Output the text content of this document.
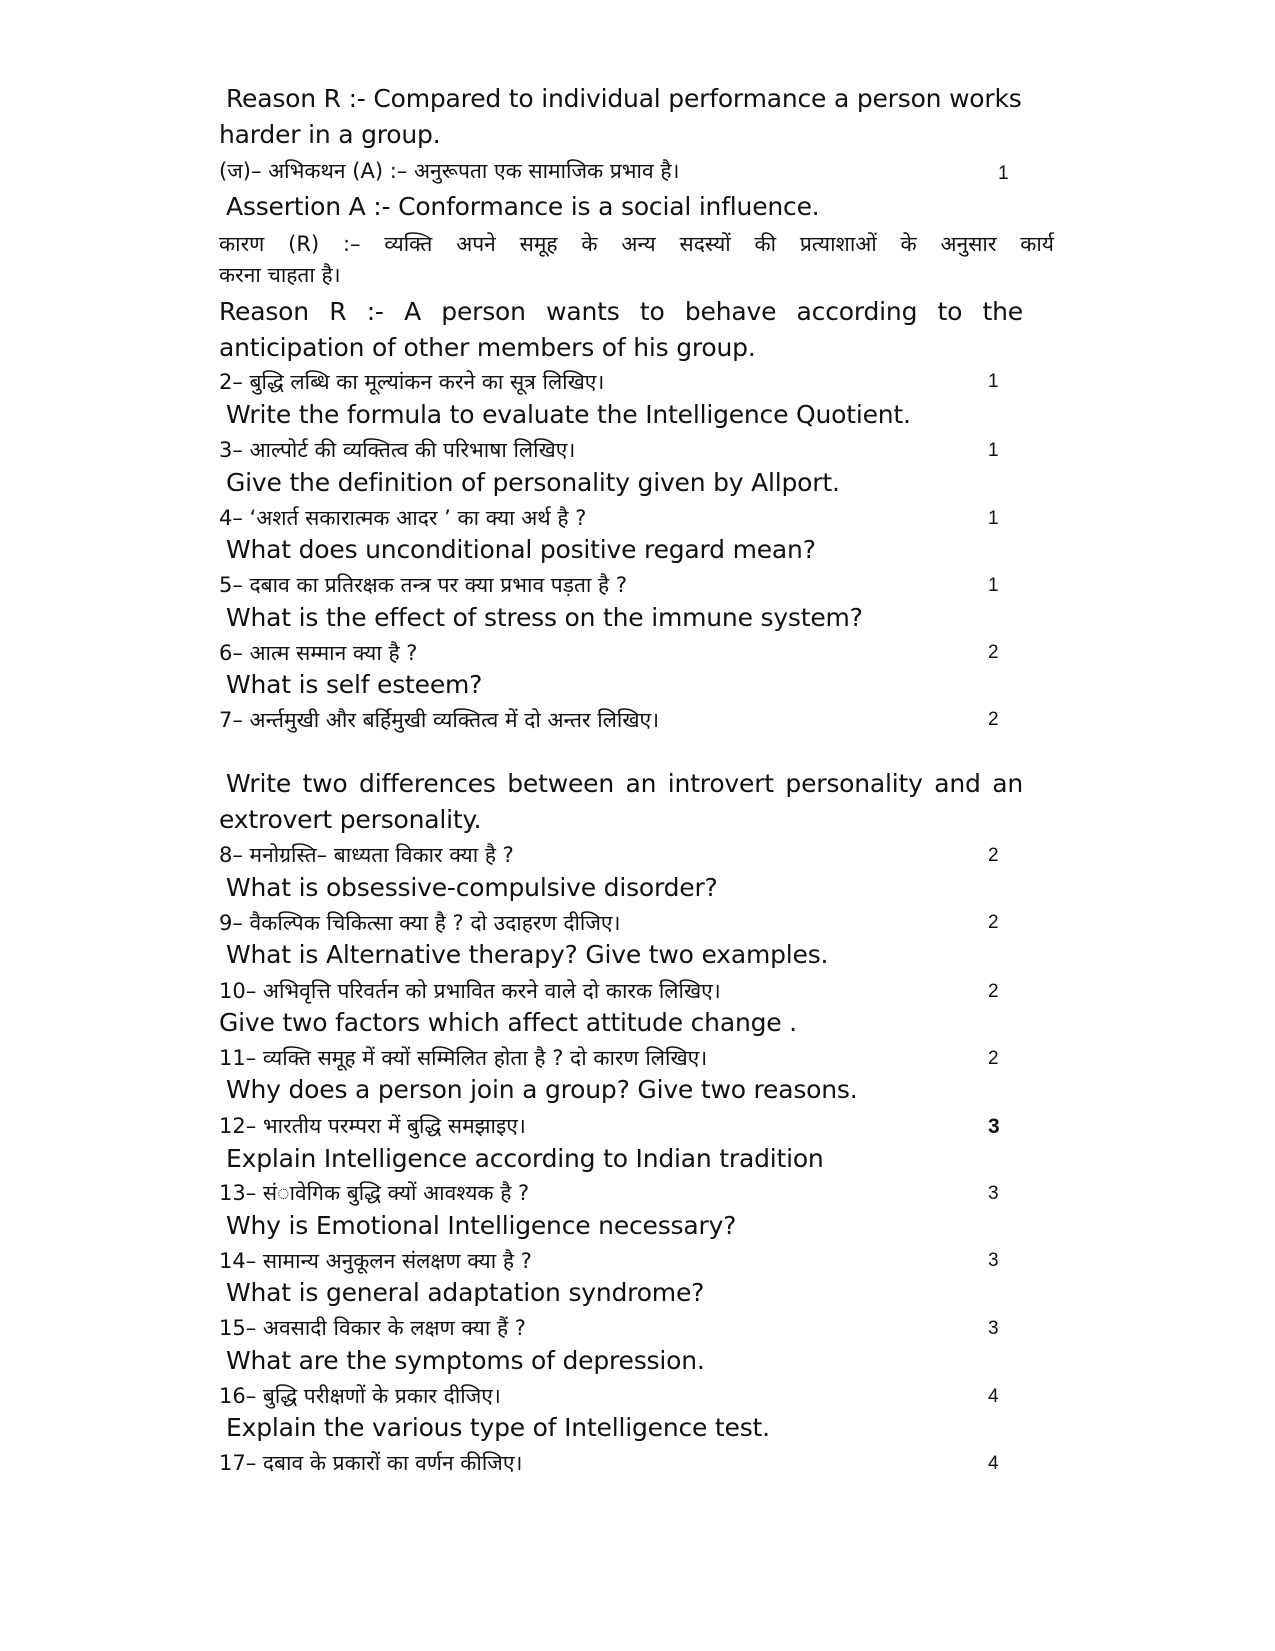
Reason R :- Compared to individual performance a person works

harder in a group.

(ज)– अभिकथन (A) :– अनुरूपता एक सामाजिक प्रभाव है।	1

Assertion A :- Conformance is a social influence.

कारण (R) :– व्यक्ति अपने समूह के अन्य सदस्यों की प्रत्याशाओं के अनुसार कार्य

करना चाहता है।

Reason R :- A person wants to behave according to the

anticipation of other members of his group.

2– बुद्धि लब्धि का मूल्यांकन करने का सूत्र लिखिए।	1

Write the formula to evaluate the Intelligence Quotient.

3– आल्पोर्ट की व्यक्तित्व की परिभाषा लिखिए।	1

Give the definition of personality given by Allport.

4– ‘अशर्त सकारात्मक आदर ’ का क्या अर्थ है ?	1

What does unconditional positive regard mean?

5– दबाव का प्रतिरक्षक तन्त्र पर क्या प्रभाव पड़ता है ?	1

What is the effect of stress on the immune system?

6– आत्म सम्मान क्या है ?	2

What is self esteem?

7– अर्न्तमुखी और बर्हिमुखी व्यक्तित्व में दो अन्तर लिखिए।	2

Write two differences between an introvert personality and an

extrovert personality.

8– मनोग्रस्ति– बाध्यता विकार क्या है ?	2

What is obsessive-compulsive disorder?

9– वैकल्पिक चिकित्सा क्या है ? दो उदाहरण दीजिए।	2

What is Alternative therapy? Give two examples.

10– अभिवृत्ति परिवर्तन को प्रभावित करने वाले दो कारक लिखिए।	2

Give two factors which affect attitude change .

11– व्यक्ति समूह में क्यों सम्मिलित होता है ? दो कारण लिखिए।	2

Why does a person join a group? Give two reasons.

12– भारतीय परम्परा में बुद्धि समझाइए।	3

Explain Intelligence according to Indian tradition

13– संावेगिक बुद्धि क्यों आवश्यक है ?	3

Why is Emotional Intelligence necessary?

14– सामान्य अनुकूलन संलक्षण क्या है ?	3

What is general adaptation syndrome?

15– अवसादी विकार के लक्षण क्या हैं ?	3

What are the symptoms of depression.

16– बुद्धि परीक्षणों के प्रकार दीजिए।	4

Explain the various type of Intelligence test.

17– दबाव के प्रकारों का वर्णन कीजिए।	4
